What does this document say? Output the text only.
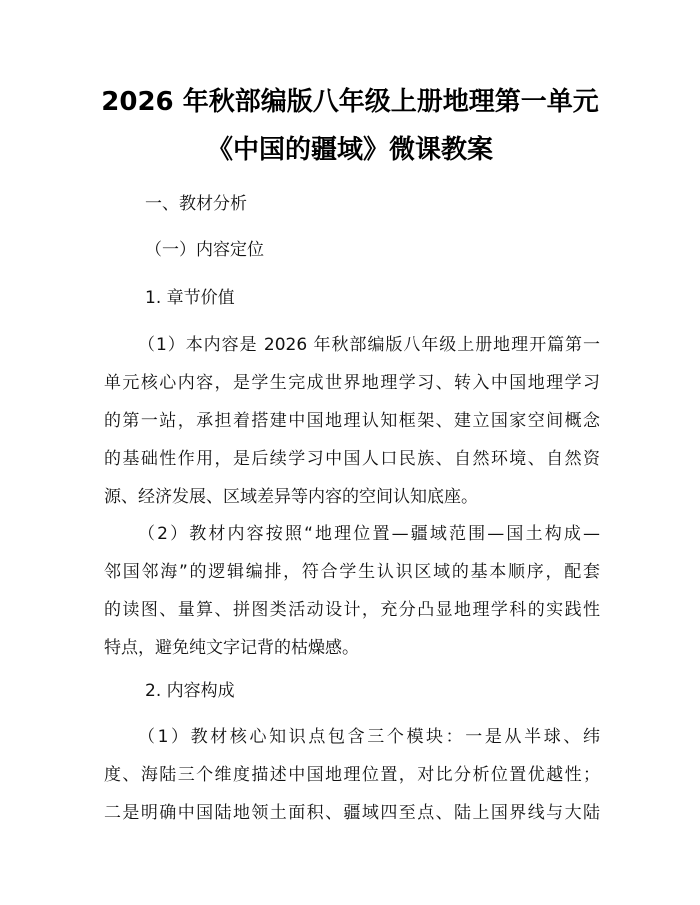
2026 年秋部编版八年级上册地理第一单元
《中国的疆域》微课教案
一、教材分析
（一）内容定位
1. 章节价值
（1）本内容是 2026 年秋部编版八年级上册地理开篇第一
单元核心内容，是学生完成世界地理学习、转入中国地理学习
的第一站，承担着搭建中国地理认知框架、建立国家空间概念
的基础性作用，是后续学习中国人口民族、自然环境、自然资
源、经济发展、区域差异等内容的空间认知底座。
（2）教材内容按照“地理位置—疆域范围—国土构成—
邻国邻海”的逻辑编排，符合学生认识区域的基本顺序，配套
的读图、量算、拼图类活动设计，充分凸显地理学科的实践性
特点，避免纯文字记背的枯燥感。
2. 内容构成
（1）教材核心知识点包含三个模块：一是从半球、纬
度、海陆三个维度描述中国地理位置，对比分析位置优越性；
二是明确中国陆地领土面积、疆域四至点、陆上国界线与大陆
